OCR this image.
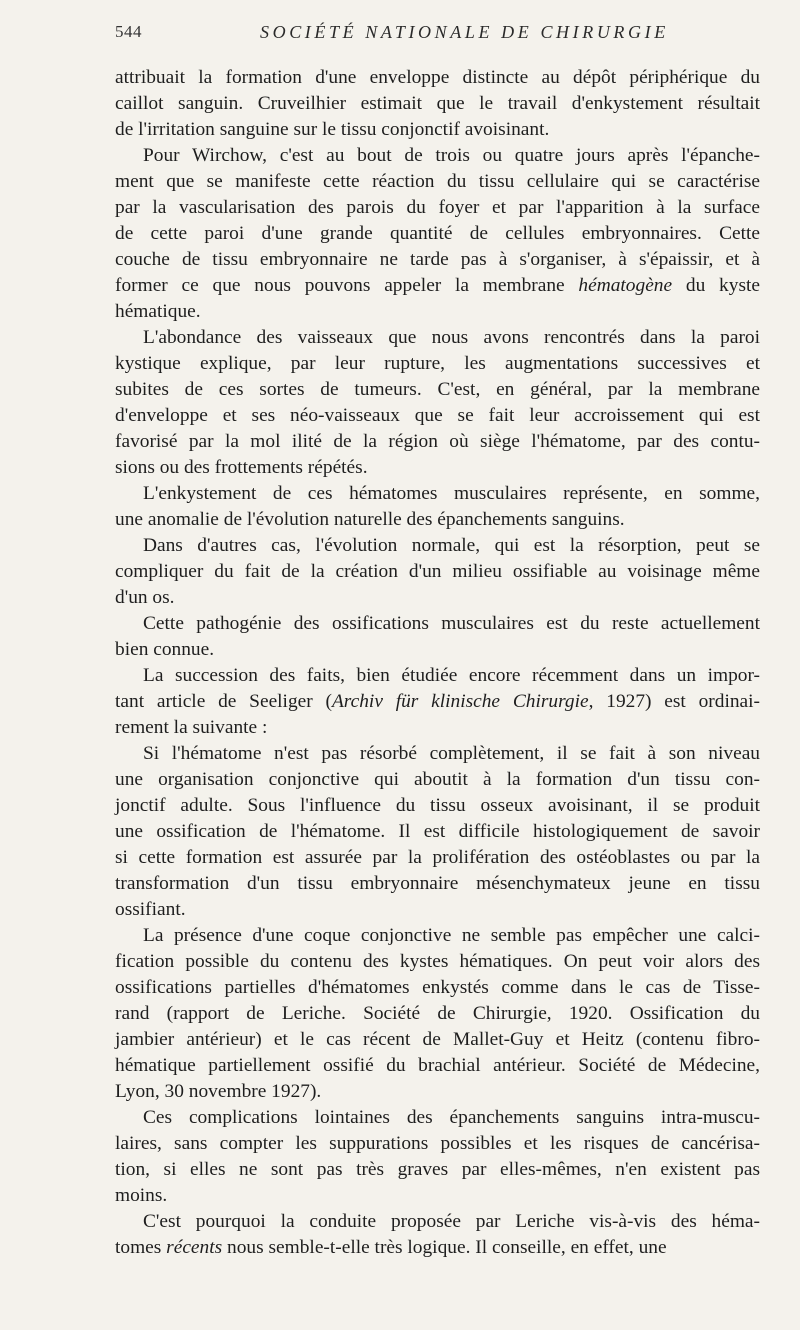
544	SOCIÉTÉ NATIONALE DE CHIRURGIE

attribuait la formation d'une enveloppe distincte au dépôt périphérique du
caillot sanguin. Cruveilhier estimait que le travail d'enkystement résultait
de l'irritation sanguine sur le tissu conjonctif avoisinant.

Pour Wirchow, c'est au bout de trois ou quatre jours après l'épanche-
ment que se manifeste cette réaction du tissu cellulaire qui se caractérise
par la vascularisation des parois du foyer et par l'apparition à la surface
de cette paroi d'une grande quantité de cellules embryonnaires. Cette
couche de tissu embryonnaire ne tarde pas à s'organiser, à s'épaissir, et à
former ce que nous pouvons appeler la membrane hématogène du kyste
hématique.

L'abondance des vaisseaux que nous avons rencontrés dans la paroi
kystique explique, par leur rupture, les augmentations successives et
subites de ces sortes de tumeurs. C'est, en général, par la membrane
d'enveloppe et ses néo-vaisseaux que se fait leur accroissement qui est
favorisé par la mol ilité de la région où siège l'hématome, par des contu-
sions ou des frottements répétés.

L'enkystement de ces hématomes musculaires représente, en somme,
une anomalie de l'évolution naturelle des épanchements sanguins.

Dans d'autres cas, l'évolution normale, qui est la résorption, peut se
compliquer du fait de la création d'un milieu ossifiable au voisinage même
d'un os.

Cette pathogénie des ossifications musculaires est du reste actuellement
bien connue.

La succession des faits, bien étudiée encore récemment dans un impor-
tant article de Seeliger (Archiv für klinische Chirurgie, 1927) est ordinai-
rement la suivante :

Si l'hématome n'est pas résorbé complètement, il se fait à son niveau
une organisation conjonctive qui aboutit à la formation d'un tissu con-
jonctif adulte. Sous l'influence du tissu osseux avoisinant, il se produit
une ossification de l'hématome. Il est difficile histologiquement de savoir
si cette formation est assurée par la prolifération des ostéoblastes ou par la
transformation d'un tissu embryonnaire mésenchymateux jeune en tissu
ossifiant.

La présence d'une coque conjonctive ne semble pas empêcher une calci-
fication possible du contenu des kystes hématiques. On peut voir alors des
ossifications partielles d'hématomes enkystés comme dans le cas de Tisse-
rand (rapport de Leriche. Société de Chirurgie, 1920. Ossification du
jambier antérieur) et le cas récent de Mallet-Guy et Heitz (contenu fibro-
hématique partiellement ossifié du brachial antérieur. Société de Médecine,
Lyon, 30 novembre 1927).

Ces complications lointaines des épanchements sanguins intra-muscu-
laires, sans compter les suppurations possibles et les risques de cancérisa-
tion, si elles ne sont pas très graves par elles-mêmes, n'en existent pas
moins.

C'est pourquoi la conduite proposée par Leriche vis-à-vis des héma-
tomes récents nous semble-t-elle très logique. Il conseille, en effet, une
